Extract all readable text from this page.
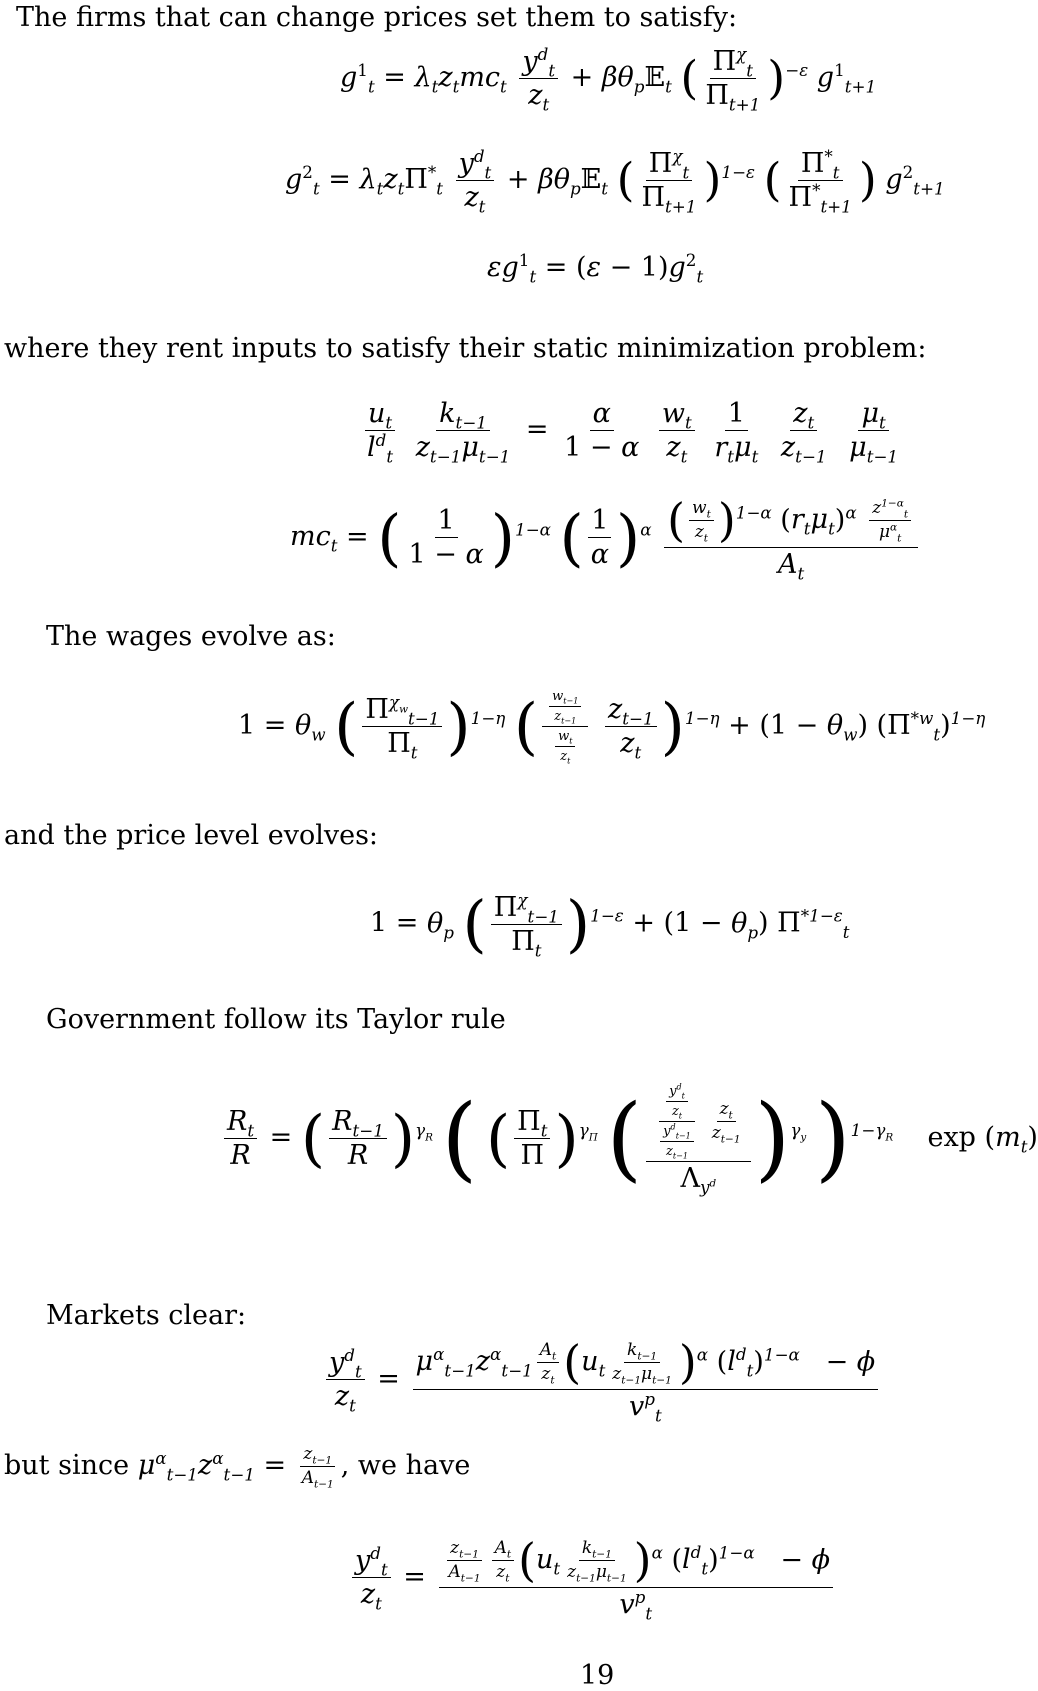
The firms that can change prices set them to satisfy:
$g^1_t = \lambda_tz_tmc_t \frac{y^d_t}{z_t}$ + $\beta\theta_p𝔼_t$ ( $\frac{\Pi^\chi_t}{\Pi_{t+1}} )^{-\varepsilon}$ $g^1_{t+1}$
$g^2_t = \lambda_tz_t\Pi^*_t \frac{y^d_t}{z_t}$ + $\beta\theta_p𝔼_t$ ( $\frac{\Pi^\chi_t}{\Pi_{t+1}} )^{1-\varepsilon}$ ( $\frac{\Pi^*_t}{\Pi^*_{t+1}}$ ) $g^2_{t+1}$
$\varepsilon g^1_t = (\varepsilon - 1)g^2_t$
where they rent inputs to satisfy their static minimization problem:
$\frac{u_t}{l^d_t}$
$\frac{k_{t-1}}{z_{t-1}\mu_{t-1}} = \frac{\alpha}{1 - \alpha}$
$\frac{w_t}{z_t}$
$\frac{1}{r_t\mu_t}$
$\frac{z_t}{z_{t-1}}$
$\frac{\mu_t}{\mu_{t-1}}$
$mc_t$ = ( $\frac{1}{1 - \alpha} )^{1-\alpha}$ ( $\frac{1}{\alpha} )^\alpha \frac{( \frac{w_t}{z_t} )^{1-\alpha} (r_t\mu_t)^\alpha \frac{z^{1-\alpha}_t}{\mu^\alpha_t}}{A_t}$
The wages evolve as:
$1 = \theta_w$ ( $\frac{\Pi^{\chi_w}_{t-1}}{\Pi_t} )^{1-\eta}$ ( $\frac{\frac{w_{t-1}}{z_{t-1}}}{\frac{w_t}{z_t}}$
$\frac{z_{t-1}}{z_t} )^{1-\eta} + (1 - \theta_w)$ $(\Pi^{*w}_t)^{1-\eta}$
and the price level evolves:
$1 = \theta_p$ ( $\frac{\Pi^\chi_{t-1}}{\Pi_t} )^{1-\varepsilon} + (1 - \theta_p)$ $\Pi^{*1-\varepsilon}_t$
Government follow its Taylor rule
$\frac{R_t}{R}$ = ( $\frac{R_{t-1}}{R} )^{\gamma_R}$ ( ( $\frac{\Pi_t}{\Pi} )^{\gamma_\Pi}$ ( $\frac{\frac{\frac{y^d_t}{z_t}}{\frac{y^d_{t-1}}{z_{t-1}}} \frac{z_t}{z_{t-1}}}{\Lambda_{y^d}} )^{\gamma_y}$ )$^{1-\gamma_R}$    $\exp (m_t)$
Markets clear:
$\frac{y^d_t}{z_t} = \frac{\mu^\alpha_{t-1}z^\alpha_{t-1} \frac{A_t}{z_t} (u_t \frac{k_{t-1}}{z_{t-1}\mu_{t-1}} )^\alpha (l^d_t)^{1-\alpha} - \phi}{v^p_t}$
but since $\mu^\alpha_{t-1}z^\alpha_{t-1} = \frac{z_{t-1}}{A_{t-1}}$ , we have
$\frac{y^d_t}{z_t} = \frac{\frac{z_{t-1}}{A_{t-1}} \frac{A_t}{z_t} (u_t \frac{k_{t-1}}{z_{t-1}\mu_{t-1}} )^\alpha (l^d_t)^{1-\alpha} - \phi}{v^p_t}$
19
